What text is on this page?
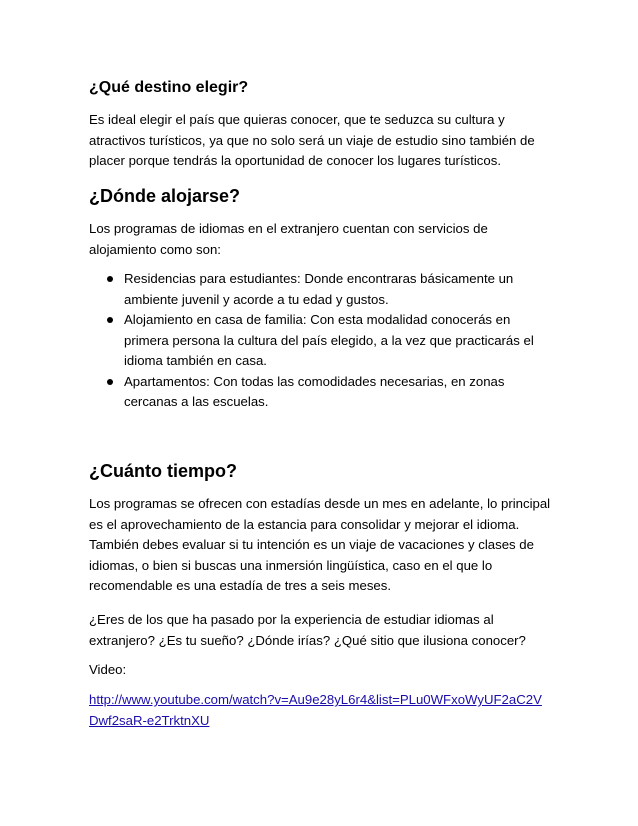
¿Qué destino elegir?

Es ideal elegir el país que quieras conocer, que te seduzca su cultura y atractivos turísticos, ya que no solo será un viaje de estudio sino también de placer porque tendrás la oportunidad de conocer los lugares turísticos.

¿Dónde alojarse?

Los programas de idiomas en el extranjero cuentan con servicios de alojamiento como son:

Residencias para estudiantes: Donde encontraras básicamente un ambiente juvenil y acorde a tu edad y gustos.
Alojamiento en casa de familia: Con esta modalidad conocerás en primera persona la cultura del país elegido, a la vez que practicarás el idioma también en casa.
Apartamentos: Con todas las comodidades necesarias, en zonas cercanas a las escuelas.
¿Cuánto tiempo?

Los programas se ofrecen con estadías desde un mes en adelante, lo principal es el aprovechamiento de la estancia para consolidar y mejorar el idioma. También debes evaluar si tu intención es un viaje de vacaciones y clases de idiomas, o bien si buscas una inmersión lingüística, caso en el que lo recomendable es una estadía de tres a seis meses.

¿Eres de los que ha pasado por la experiencia de estudiar idiomas al extranjero? ¿Es tu sueño? ¿Dónde irías? ¿Qué sitio que ilusiona conocer?

Video:

http://www.youtube.com/watch?v=Au9e28yL6r4&list=PLu0WFxoWyUF2aC2VDwf2saR-e2TrktnXU
